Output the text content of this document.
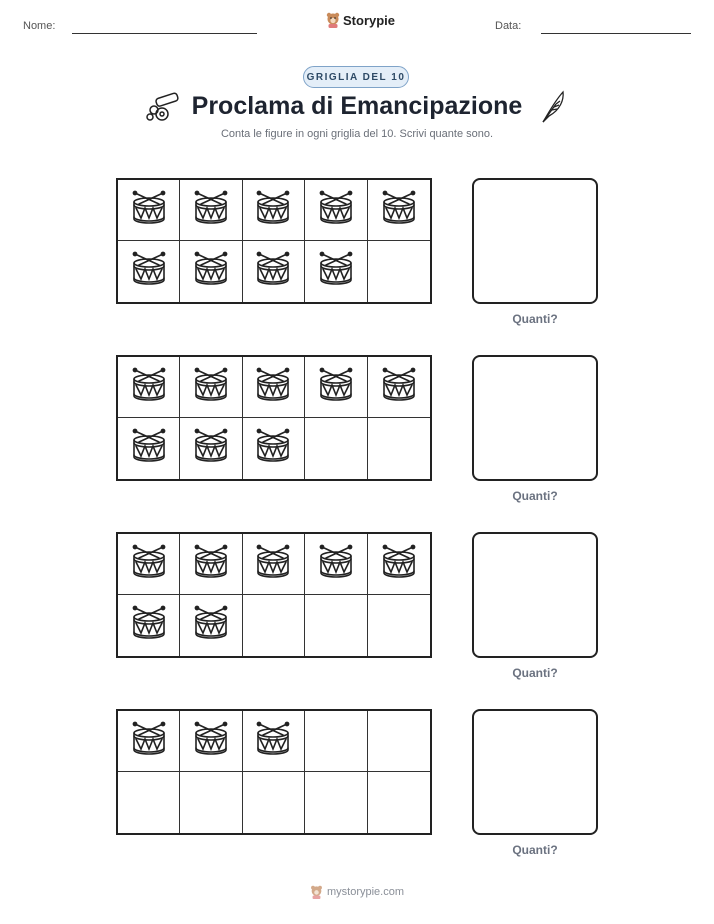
Nome:	Storypie	Data:
GRIGLIA DEL 10
Proclama di Emancipazione
Conta le figure in ogni griglia del 10. Scrivi quante sono.
Quanti?
Quanti?
Quanti?
Quanti?
mystorypie.com
